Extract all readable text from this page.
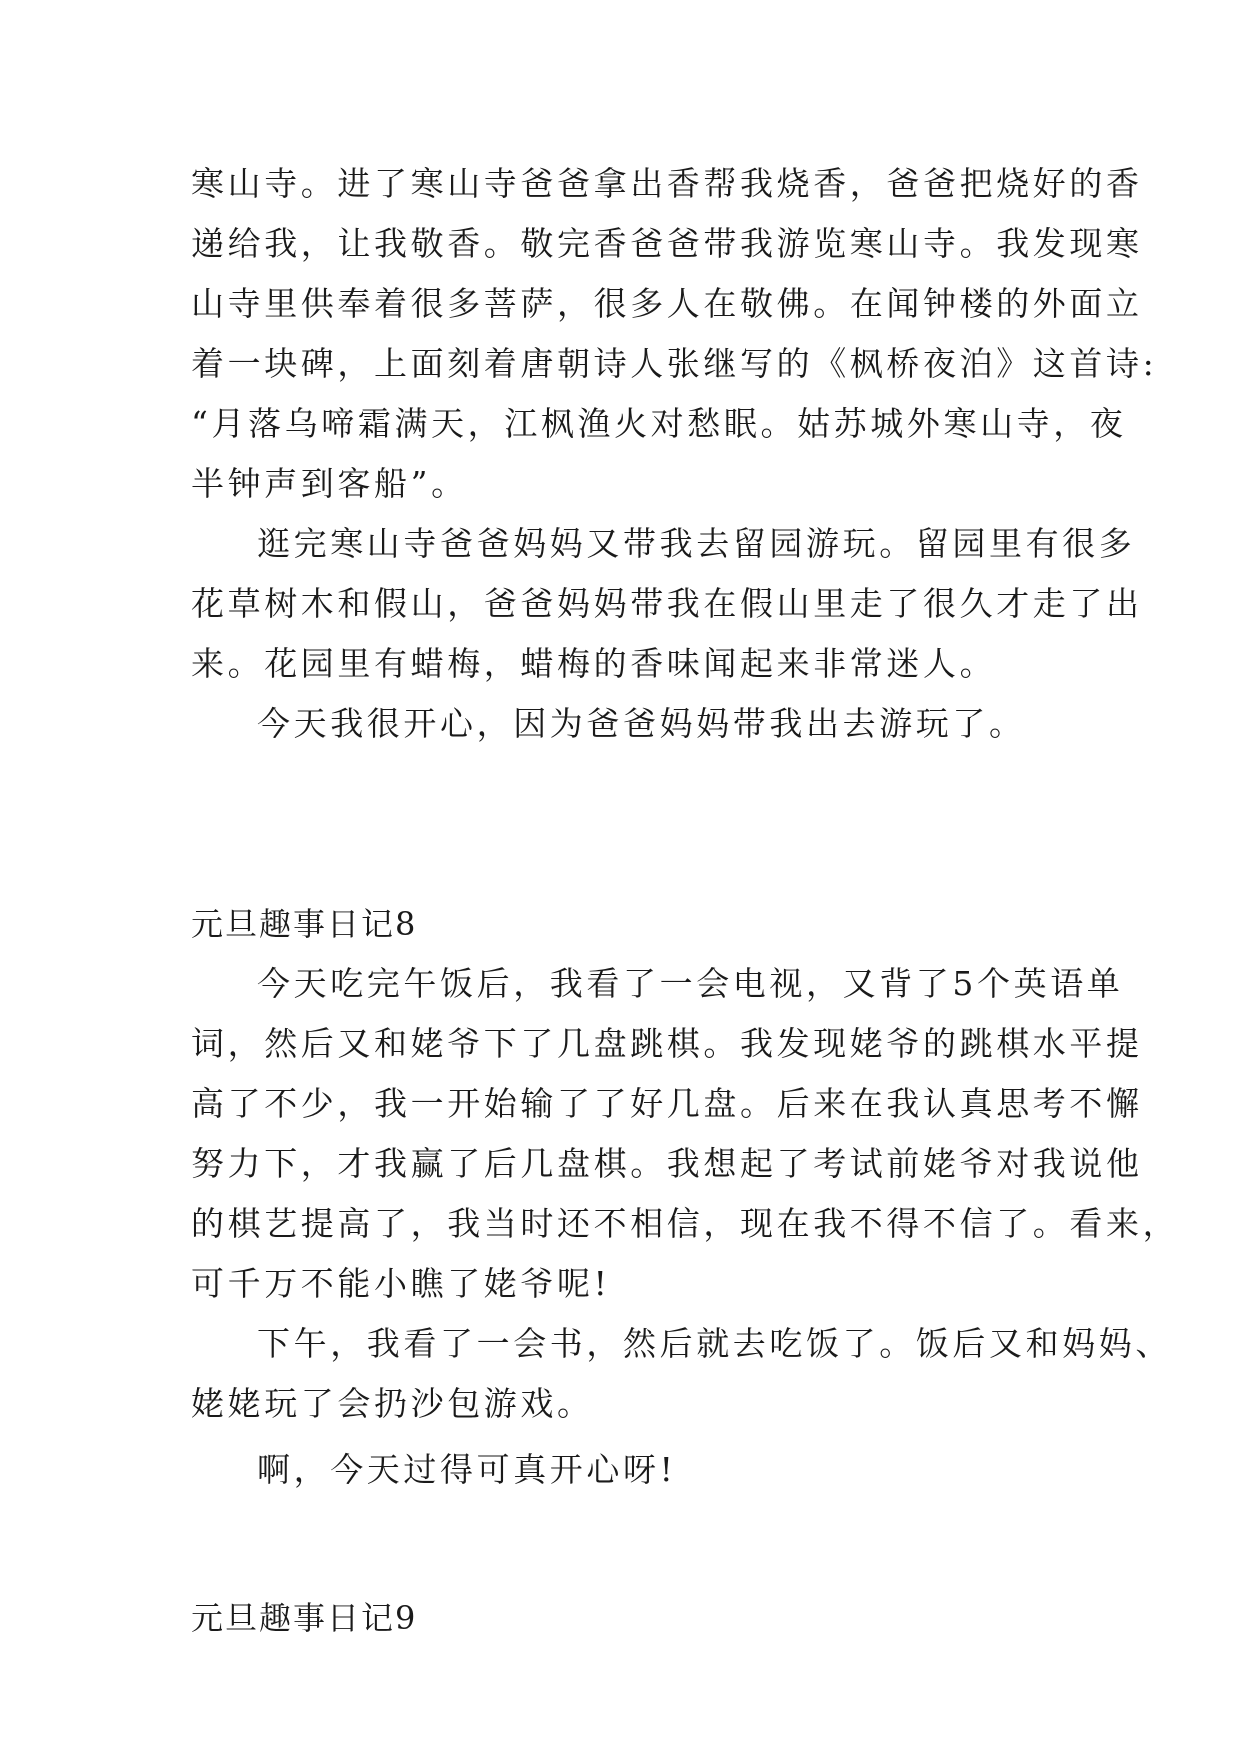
寒山寺。进了寒山寺爸爸拿出香帮我烧香，爸爸把烧好的香
递给我，让我敬香。敬完香爸爸带我游览寒山寺。我发现寒
山寺里供奉着很多菩萨，很多人在敬佛。在闻钟楼的外面立
着一块碑，上面刻着唐朝诗人张继写的《枫桥夜泊》这首诗:
“月落乌啼霜满天，江枫渔火对愁眠。姑苏城外寒山寺，夜
半钟声到客船”。
逛完寒山寺爸爸妈妈又带我去留园游玩。留园里有很多
花草树木和假山，爸爸妈妈带我在假山里走了很久才走了出
来。花园里有蜡梅，蜡梅的香味闻起来非常迷人。
今天我很开心，因为爸爸妈妈带我出去游玩了。
元旦趣事日记8
今天吃完午饭后，我看了一会电视，又背了5个英语单
词，然后又和姥爷下了几盘跳棋。我发现姥爷的跳棋水平提
高了不少，我一开始输了了好几盘。后来在我认真思考不懈
努力下，才我赢了后几盘棋。我想起了考试前姥爷对我说他
的棋艺提高了，我当时还不相信，现在我不得不信了。看来，
可千万不能小瞧了姥爷呢!
下午，我看了一会书，然后就去吃饭了。饭后又和妈妈、
姥姥玩了会扔沙包游戏。
啊，今天过得可真开心呀!
元旦趣事日记9
